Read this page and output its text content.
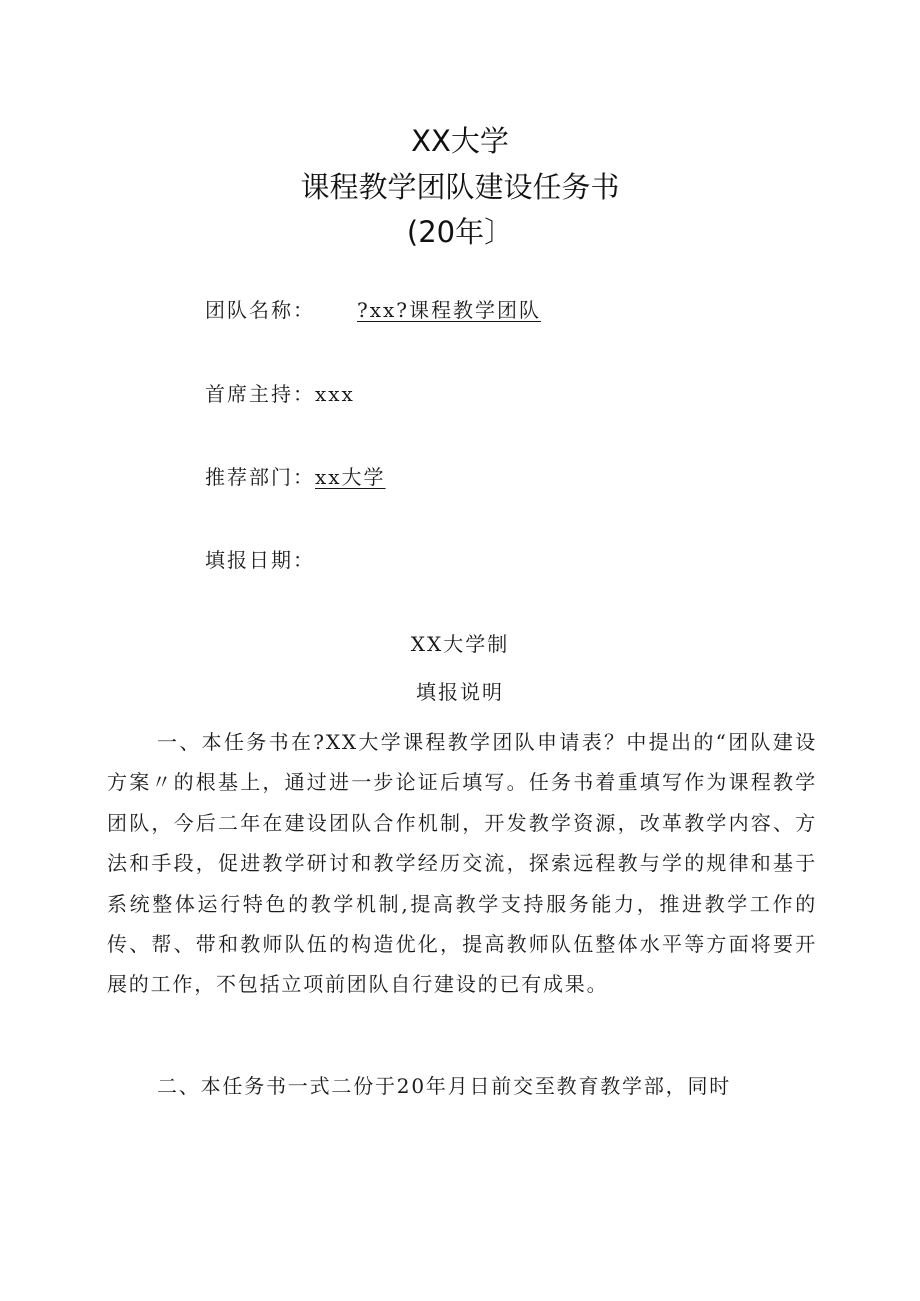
XX大学
课程教学团队建设任务书
(20年〕
团队名称： ?xx?课程教学团队
首席主持：xxx
推荐部门：xx大学
填报日期：
XX大学制
填报说明
一、本任务书在?XX大学课程教学团队申请表？中提出的“团队建设方案〃的根基上，通过进一步论证后填写。任务书着重填写作为课程教学团队，今后二年在建设团队合作机制，开发教学资源，改革教学内容、方法和手段，促进教学研讨和教学经历交流，探索远程教与学的规律和基于系统整体运行特色的教学机制,提高教学支持服务能力，推进教学工作的传、帮、带和教师队伍的构造优化，提高教师队伍整体水平等方面将要开展的工作，不包括立项前团队自行建设的已有成果。
二、本任务书一式二份于20年月日前交至教育教学部，同时
